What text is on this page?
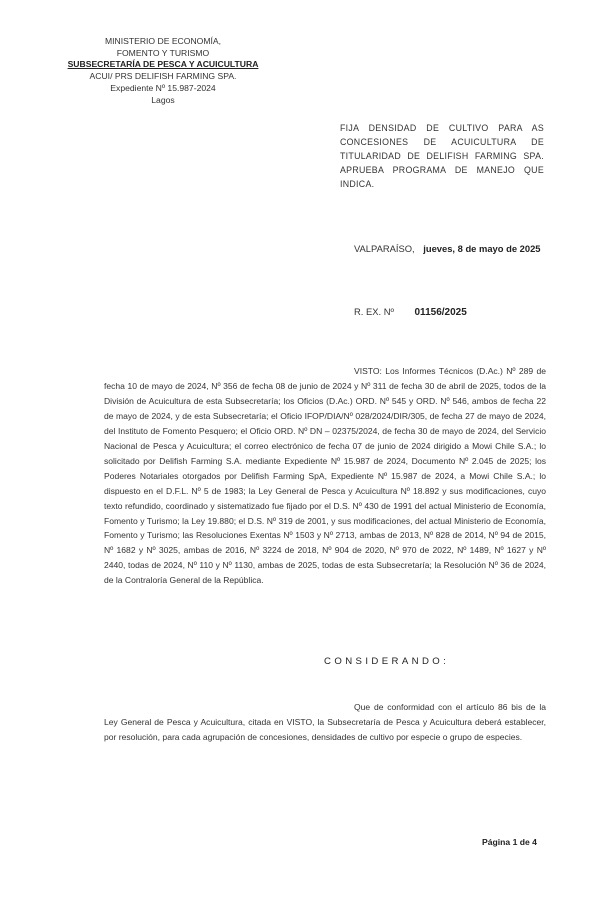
MINISTERIO DE ECONOMÍA,
FOMENTO Y TURISMO
SUBSECRETARÍA DE PESCA Y ACUICULTURA
ACUI/ PRS DELIFISH FARMING SPA.
Expediente Nº 15.987-2024
Lagos
FIJA DENSIDAD DE CULTIVO PARA AS CONCESIONES DE ACUICULTURA DE TITULARIDAD DE DELIFISH FARMING SPA. APRUEBA PROGRAMA DE MANEJO QUE INDICA.
VALPARAÍSO, jueves, 8 de mayo de 2025
R. EX. Nº 01156/2025
VISTO: Los Informes Técnicos (D.Ac.) Nº 289 de fecha 10 de mayo de 2024, Nº 356 de fecha 08 de junio de 2024 y Nº 311 de fecha 30 de abril de 2025, todos de la División de Acuicultura de esta Subsecretaría; los Oficios (D.Ac.) ORD. Nº 545 y ORD. Nº 546, ambos de fecha 22 de mayo de 2024, y de esta Subsecretaría; el Oficio IFOP/DIA/Nº 028/2024/DIR/305, de fecha 27 de mayo de 2024, del Instituto de Fomento Pesquero; el Oficio ORD. Nº DN – 02375/2024, de fecha 30 de mayo de 2024, del Servicio Nacional de Pesca y Acuicultura; el correo electrónico de fecha 07 de junio de 2024 dirigido a Mowi Chile S.A.; lo solicitado por Delifish Farming S.A. mediante Expediente Nº 15.987 de 2024, Documento Nº 2.045 de 2025; los Poderes Notariales otorgados por Delifish Farming SpA, Expediente Nº 15.987 de 2024, a Mowi Chile S.A.; lo dispuesto en el D.F.L. Nº 5 de 1983; la Ley General de Pesca y Acuicultura Nº 18.892 y sus modificaciones, cuyo texto refundido, coordinado y sistematizado fue fijado por el D.S. Nº 430 de 1991 del actual Ministerio de Economía, Fomento y Turismo; la Ley 19.880; el D.S. Nº 319 de 2001, y sus modificaciones, del actual Ministerio de Economía, Fomento y Turismo; las Resoluciones Exentas Nº 1503 y Nº 2713, ambas de 2013, Nº 828 de 2014, Nº 94 de 2015, Nº 1682 y Nº 3025, ambas de 2016, Nº 3224 de 2018, Nº 904 de 2020, Nº 970 de 2022, Nº 1489, Nº 1627 y Nº 2440, todas de 2024, Nº 110 y Nº 1130, ambas de 2025, todas de esta Subsecretaría; la Resolución Nº 36 de 2024, de la Contraloría General de la República.
CONSIDERANDO:
Que de conformidad con el artículo 86 bis de la Ley General de Pesca y Acuicultura, citada en VISTO, la Subsecretaría de Pesca y Acuicultura deberá establecer, por resolución, para cada agrupación de concesiones, densidades de cultivo por especie o grupo de especies.
Página 1 de 4
